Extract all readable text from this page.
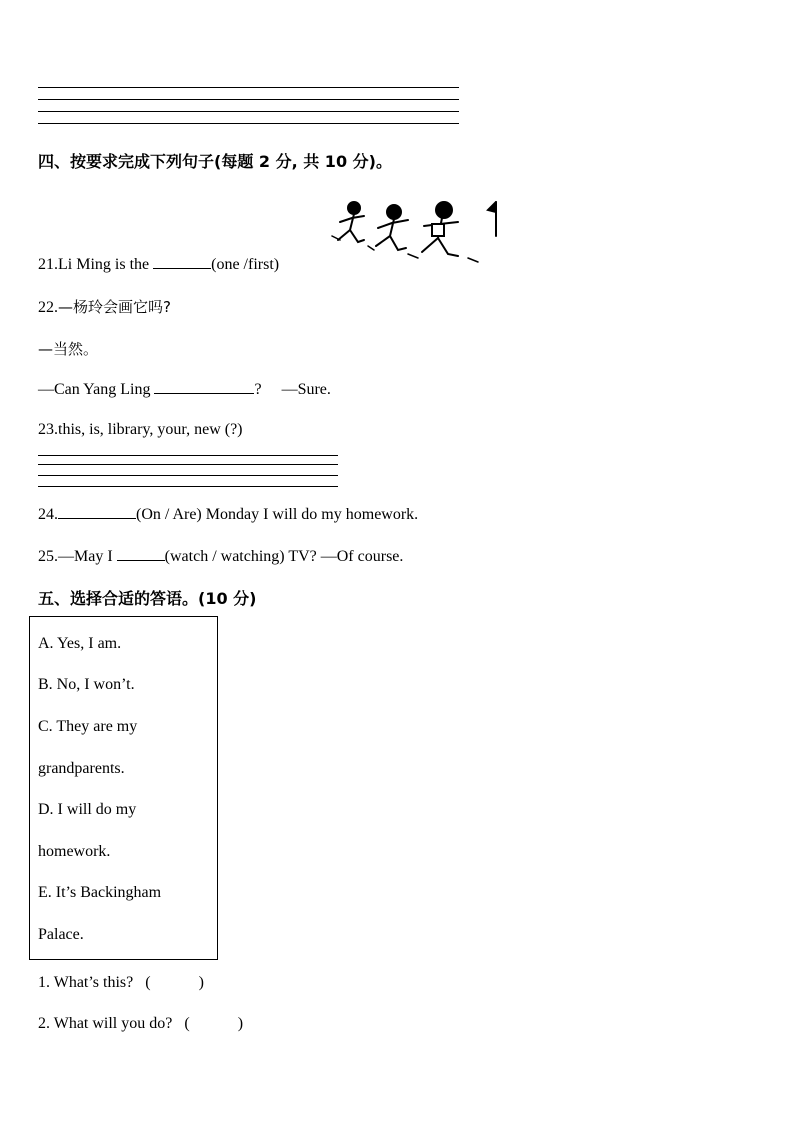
四、按要求完成下列句子(每题 2 分, 共 10 分)。
21.Li Ming is the	(one /first)
22.—杨玲会画它吗?
—当然。
—Can Yang Ling	? —Sure.
23.this, is, library, your, new (?)
24.	(On / Are) Monday I will do my homework.
25.—May I	(watch / watching) TV? —Of course.
五、选择合适的答语。(10 分)
A. Yes, I am.
B. No, I won’t.
C. They are my
grandparents.
D. I will do my
homework.
E. It’s Backingham
Palace.
1. What’s this? (            )
2. What will you do? (            )
